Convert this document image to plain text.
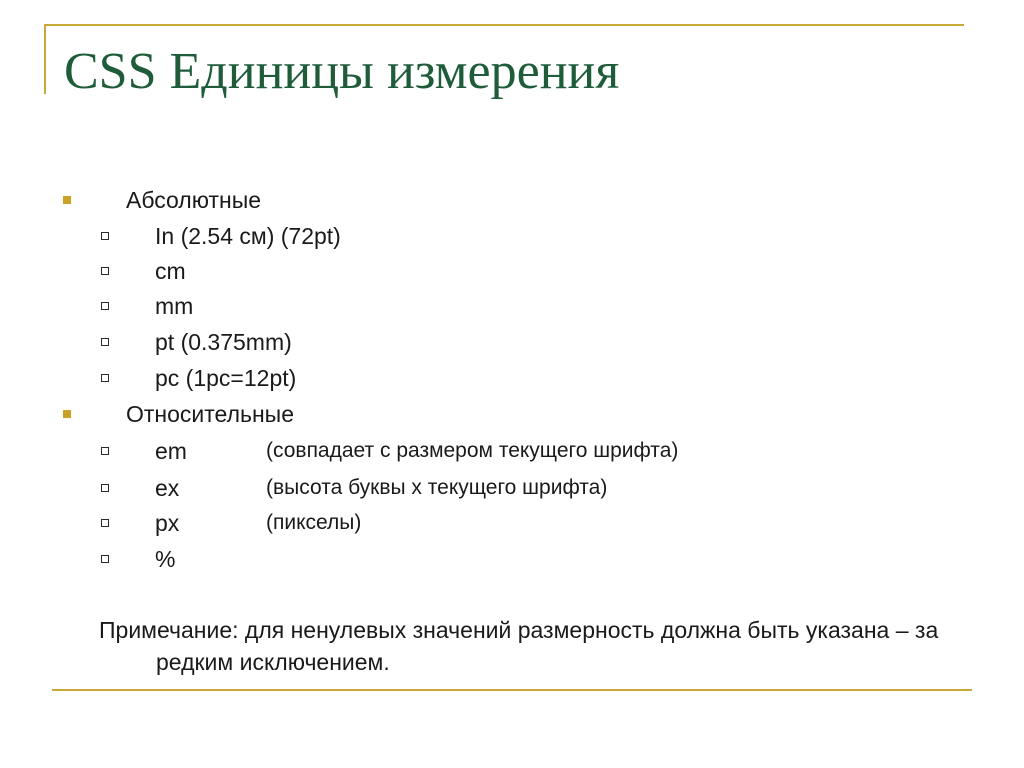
CSS Единицы измерения
Абсолютные
In (2.54 см) (72pt)
cm
mm
pt (0.375mm)
pc (1pc=12pt)
Относительные
em	(совпадает с размером текущего шрифта)
ex	(высота буквы x текущего шрифта)
px	(пикселы)
%

Примечание: для ненулевых значений размерность должна быть указана – за редким исключением.
